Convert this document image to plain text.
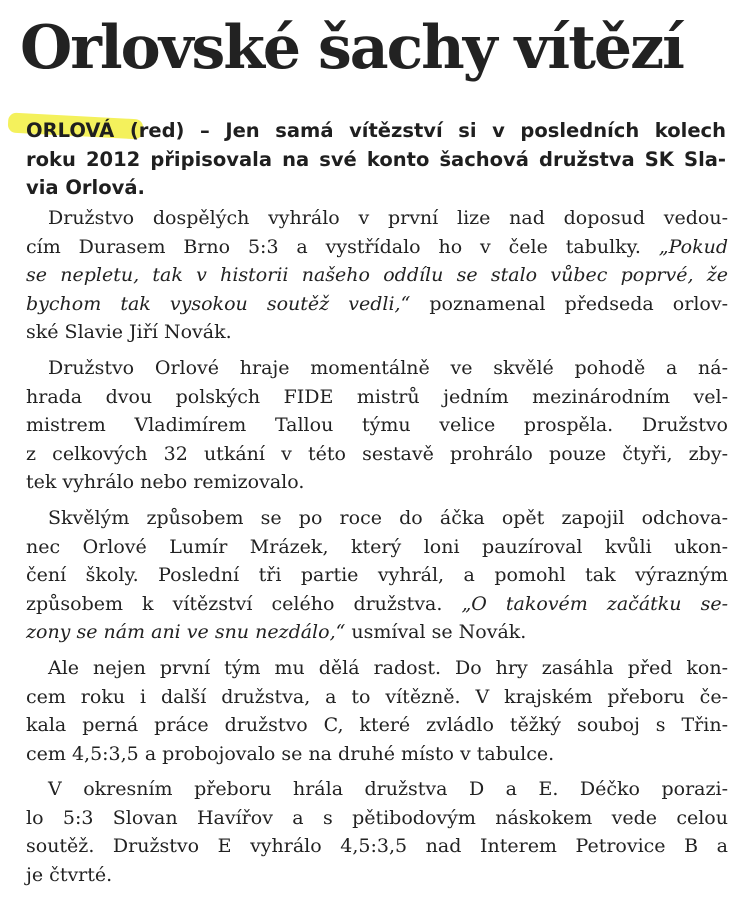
Orlovské šachy vítězí
ORLOVÁ (red) – Jen samá vítězství si v posledních kolech
roku 2012 připisovala na své konto šachová družstva SK Sla-
via Orlová.

Družstvo dospělých vyhrálo v první lize nad doposud vedou-
cím Durasem Brno 5:3 a vystřídalo ho v čele tabulky. „Pokud
se nepletu, tak v historii našeho oddílu se stalo vůbec poprvé, že
bychom tak vysokou soutěž vedli,“ poznamenal předseda orlov-
ské Slavie Jiří Novák.

Družstvo Orlové hraje momentálně ve skvělé pohodě a ná-
hrada dvou polských FIDE mistrů jedním mezinárodním vel-
mistrem Vladimírem Tallou týmu velice prospěla. Družstvo
z celkových 32 utkání v této sestavě prohrálo pouze čtyři, zby-
tek vyhrálo nebo remizovalo.

Skvělým způsobem se po roce do áčka opět zapojil odchova-
nec Orlové Lumír Mrázek, který loni pauzíroval kvůli ukon-
čení školy. Poslední tři partie vyhrál, a pomohl tak výrazným
způsobem k vítězství celého družstva. „O takovém začátku se-
zony se nám ani ve snu nezdálo,“ usmíval se Novák.

Ale nejen první tým mu dělá radost. Do hry zasáhla před kon-
cem roku i další družstva, a to vítězně. V krajském přeboru če-
kala perná práce družstvo C, které zvládlo těžký souboj s Třin-
cem 4,5:3,5 a probojovalo se na druhé místo v tabulce.

V okresním přeboru hrála družstva D a E. Déčko porazi-
lo 5:3 Slovan Havířov a s pětibodovým náskokem vede celou
soutěž. Družstvo E vyhrálo 4,5:3,5 nad Interem Petrovice B a
je čtvrté.
